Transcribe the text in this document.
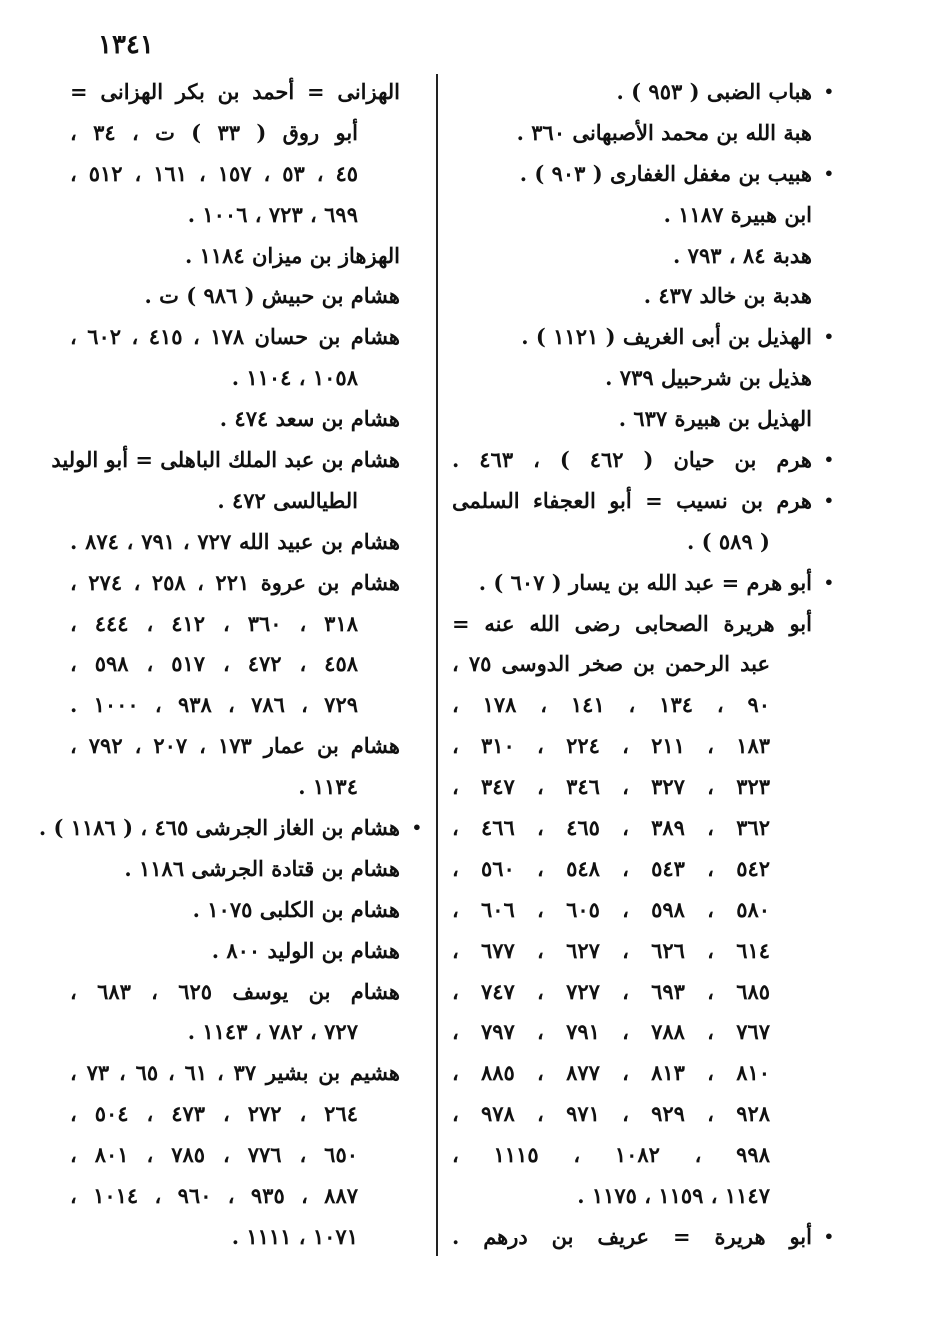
١٣٤١
هباب الضبى ( ٩٥٣ ) . •
هبة الله بن محمد الأصبهانى ٣٦٠ .
هبيب بن مغفل الغفارى ( ٩٠٣ ) . •
ابن هبيرة ١١٨٧ .
هدبة ٨٤ ، ٧٩٣ .
هدبة بن خالد ٤٣٧ .
الهذيل بن أبى الغريف ( ١١٢١ ) . •
هذيل بن شرحبيل ٧٣٩ .
الهذيل بن هبيرة ٦٣٧ .
هرم بن حيان ( ٤٦٢ ) ، ٤٦٣ . •
هرم بن نسيب = أبو العجفاء السلمى •
( ٥٨٩ ) .
أبو هرم = عبد الله بن يسار ( ٦٠٧ ) . •
أبو هريرة الصحابى رضى الله عنه =
عبد الرحمن بن صخر الدوسى ٧٥ ،
٩٠ ، ١٣٤ ، ١٤١ ، ١٧٨ ،
١٨٣ ، ٢١١ ، ٢٢٤ ، ٣١٠ ،
٣٢٣ ، ٣٢٧ ، ٣٤٦ ، ٣٤٧ ،
٣٦٢ ، ٣٨٩ ، ٤٦٥ ، ٤٦٦ ،
٥٤٢ ، ٥٤٣ ، ٥٤٨ ، ٥٦٠ ،
٥٨٠ ، ٥٩٨ ، ٦٠٥ ، ٦٠٦ ،
٦١٤ ، ٦٢٦ ، ٦٢٧ ، ٦٧٧ ،
٦٨٥ ، ٦٩٣ ، ٧٢٧ ، ٧٤٧ ،
٧٦٧ ، ٧٨٨ ، ٧٩١ ، ٧٩٧ ،
٨١٠ ، ٨١٣ ، ٨٧٧ ، ٨٨٥ ،
٩٢٨ ، ٩٢٩ ، ٩٧١ ، ٩٧٨ ،
٩٩٨ ، ١٠٨٢ ، ١١١٥ ،
١١٤٧ ، ١١٥٩ ، ١١٧٥ .
أبو هريرة = عريف بن درهم . •
الهزانى = أحمد بن بكر الهزانى =
أبو روق ( ٣٣ ) ت ، ٣٤ ،
٤٥ ، ٥٣ ، ١٥٧ ، ١٦١ ، ٥١٢ ،
٦٩٩ ، ٧٢٣ ، ١٠٠٦ .
الهزهاز بن ميزان ١١٨٤ .
هشام بن حبيش ( ٩٨٦ ) ت .
هشام بن حسان ١٧٨ ، ٤١٥ ، ٦٠٢ ،
١٠٥٨ ، ١١٠٤ .
هشام بن سعد ٤٧٤ .
هشام بن عبد الملك الباهلى = أبو الوليد
الطيالسى ٤٧٢ .
هشام بن عبيد الله ٧٢٧ ، ٧٩١ ، ٨٧٤ .
هشام بن عروة ٢٢١ ، ٢٥٨ ، ٢٧٤ ،
٣١٨ ، ٣٦٠ ، ٤١٢ ، ٤٤٤ ،
٤٥٨ ، ٤٧٢ ، ٥١٧ ، ٥٩٨ ،
٧٢٩ ، ٧٨٦ ، ٩٣٨ ، ١٠٠٠ .
هشام بن عمار ١٧٣ ، ٢٠٧ ، ٧٩٢ ،
١١٣٤ .
هشام بن الغاز الجرشى ٤٦٥ ، ( ١١٨٦ ) . •
هشام بن قتادة الجرشى ١١٨٦ .
هشام بن الكلبى ١٠٧٥ .
هشام بن الوليد ٨٠٠ .
هشام بن يوسف ٦٢٥ ، ٦٨٣ ،
٧٢٧ ، ٧٨٢ ، ١١٤٣ .
هشيم بن بشير ٣٧ ، ٦١ ، ٦٥ ، ٧٣ ،
٢٦٤ ، ٢٧٢ ، ٤٧٣ ، ٥٠٤ ،
٦٥٠ ، ٧٧٦ ، ٧٨٥ ، ٨٠١ ،
٨٨٧ ، ٩٣٥ ، ٩٦٠ ، ١٠١٤ ،
١٠٧١ ، ١١١١ .
